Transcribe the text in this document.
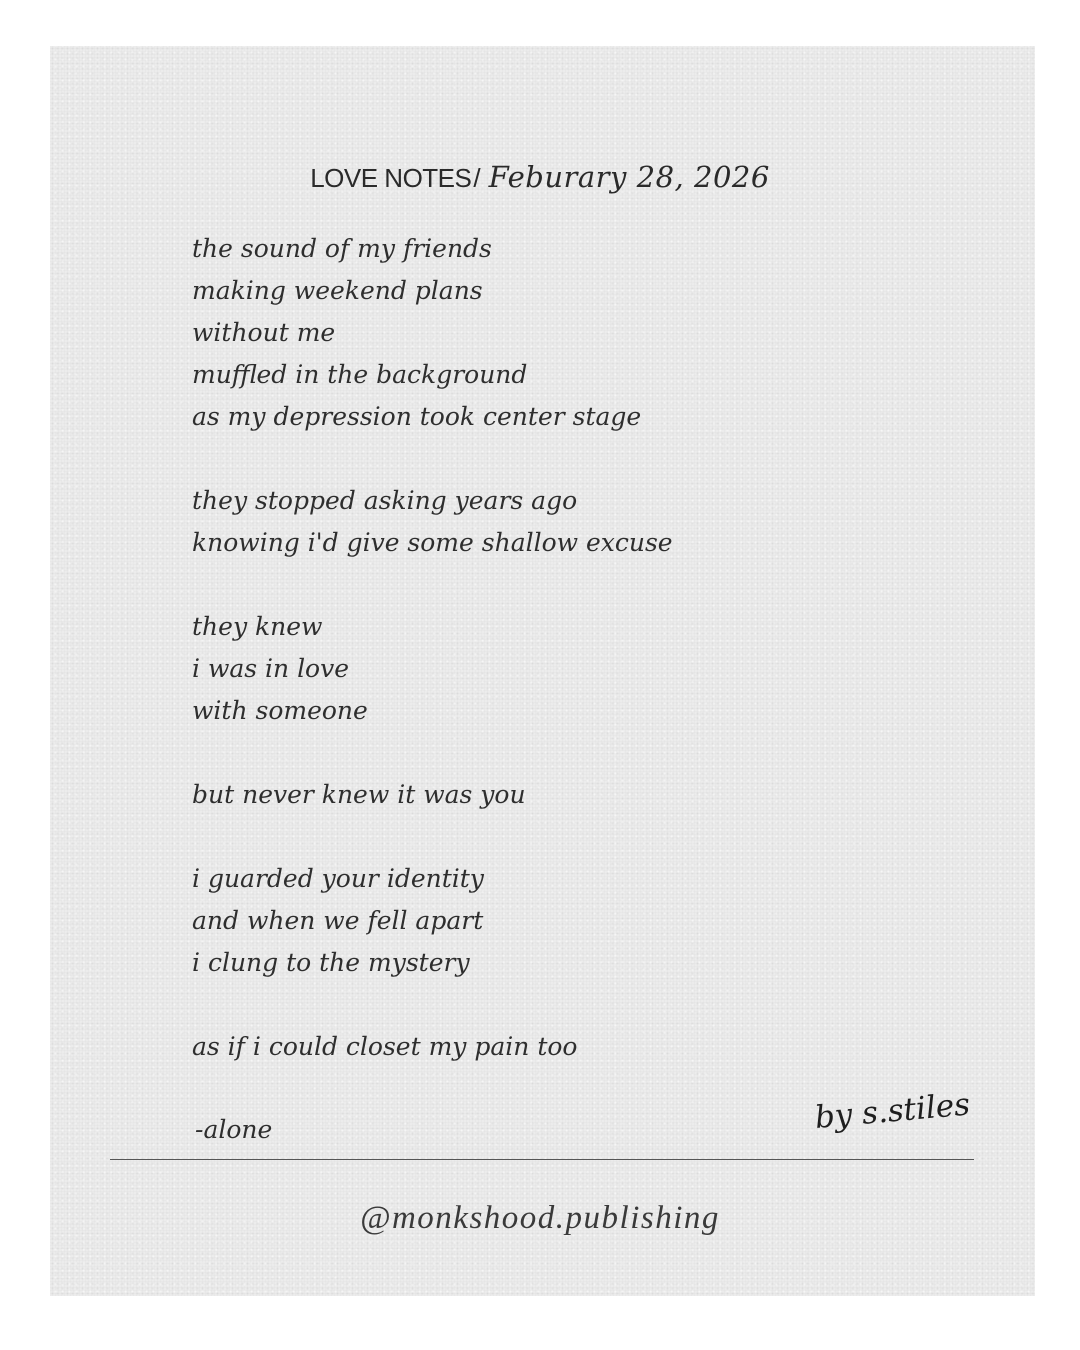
LOVE NOTES/ Feburary 28, 2026
the sound of my friends
making weekend plans
without me
muffled in the background
as my depression took center stage
they stopped asking years ago
knowing i'd give some shallow excuse
they knew
i was in love
with someone
but never knew it was you
i guarded your identity
and when we fell apart
i clung to the mystery
as if i could closet my pain too
-alone	by s.stiles
@monkshood.publishing
